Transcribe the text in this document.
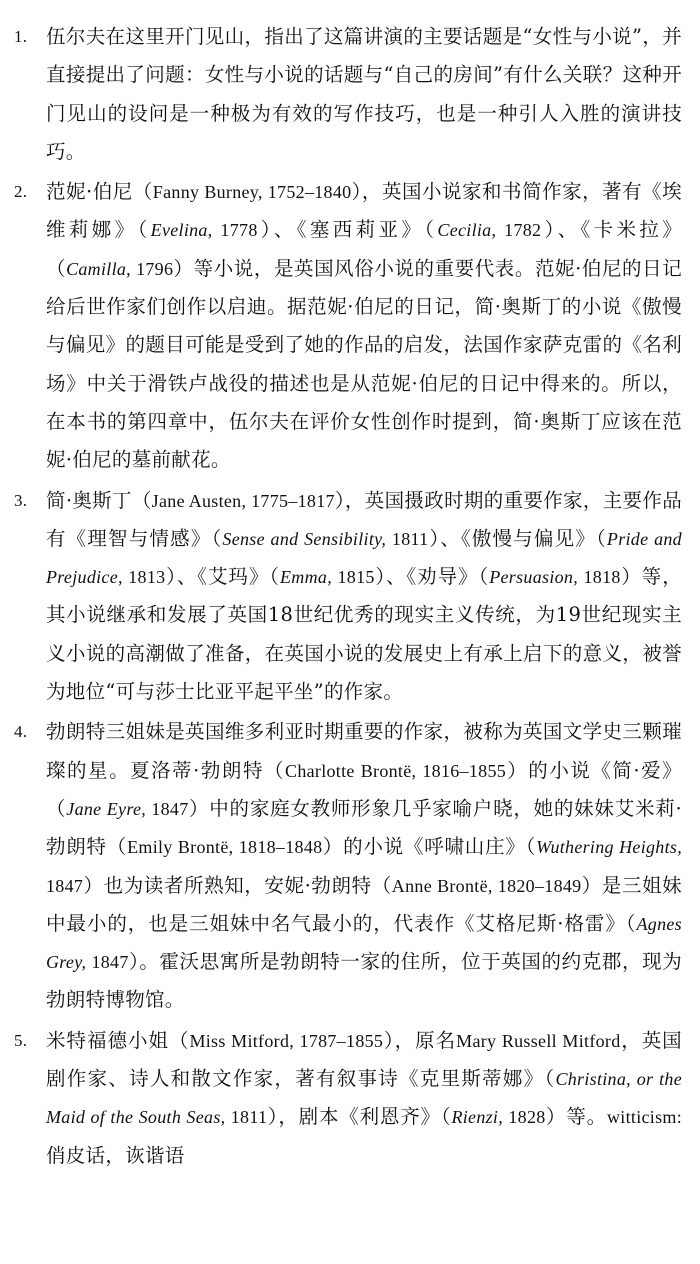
1. 伍尔夫在这里开门见山，指出了这篇讲演的主要话题是“女性与小说”，并直接提出了问题：女性与小说的话题与“自己的房间”有什么关联？这种开门见山的设问是一种极为有效的写作技巧，也是一种引人入胜的演讲技巧。
2. 范妮·伯尼（Fanny Burney, 1752–1840），英国小说家和书简作家，著有《埃维莉娜》（Evelina, 1778）、《塞西莉亚》（Cecilia, 1782）、《卡米拉》（Camilla, 1796）等小说，是英国风俗小说的重要代表。范妮·伯尼的日记给后世作家们创作以启迪。据范妮·伯尼的日记，简·奥斯丁的小说《傲慢与偏见》的题目可能是受到了她的作品的启发，法国作家萨克雷的《名利场》中关于滑铁卢战役的描述也是从范妮·伯尼的日记中得来的。所以，在本书的第四章中，伍尔夫在评价女性创作时提到，简·奥斯丁应该在范妮·伯尼的墓前献花。
3. 简·奥斯丁（Jane Austen, 1775–1817），英国摄政时期的重要作家，主要作品有《理智与情感》（Sense and Sensibility, 1811）、《傲慢与偏见》（Pride and Prejudice, 1813）、《艾玛》（Emma, 1815）、《劝导》（Persuasion, 1818）等，其小说继承和发展了英国18世纪优秀的现实主义传统，为19世纪现实主义小说的高潮做了准备，在英国小说的发展史上有承上启下的意义，被誉为地位“可与莎士比亚平起平坐”的作家。
4. 勃朗特三姐妹是英国维多利亚时期重要的作家，被称为英国文学史三颗璀璨的星。夏洛蒂·勃朗特（Charlotte Brontë, 1816–1855）的小说《简·爱》（Jane Eyre, 1847）中的家庭女教师形象几乎家喻户晓，她的妹妹艾米莉·勃朗特（Emily Brontë, 1818–1848）的小说《呼啸山庄》（Wuthering Heights, 1847）也为读者所熟知，安妮·勃朗特（Anne Brontë, 1820–1849）是三姐妹中最小的，也是三姐妹中名气最小的，代表作《艾格尼斯·格雷》（Agnes Grey, 1847）。霍沃思寓所是勃朗特一家的住所，位于英国的约克郡，现为勃朗特博物馆。
5. 米特福德小姐（Miss Mitford, 1787–1855），原名Mary Russell Mitford，英国剧作家、诗人和散文作家，著有叙事诗《克里斯蒂娜》（Christina, or the Maid of the South Seas, 1811），剧本《利恩齐》（Rienzi, 1828）等。witticism: 俏皮话，诙谐语
